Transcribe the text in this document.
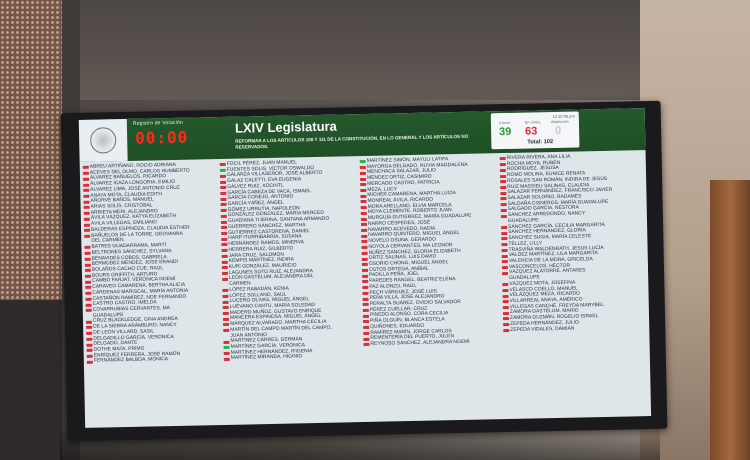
Registro de Votación
00:00
LXIV Legislatura
REFORMAS A LOS ARTÍCULOS 108 Y 111 DE LA CONSTITUCIÓN, EN LO GENERAL Y LOS ARTÍCULOS NO RESERVADOS.
12:40:06 pm
A favor	En contra	Abstención
39 63 0
Total: 102
ABREU ARTIÑANO, ROCIO ADRIANA
ACEVES DEL OLMO, CARLOS HUMBERTO
ÁLVAREZ BAÑUELOS, RICARDO
ÁLVAREZ ICAZA LONGORIA, EMILIO
ÁLVAREZ LIMA, JOSÉ ANTONIO CRUZ
ANAYA MOTA, CLAUDIA EDITH
AÑORVE BAÑOS, MANUEL
ARIAS SOLÍS, CRISTÓBAL
ARRIETA MERI, ALEJANDRO
ÁVILA VÁZQUEZ, KATYA ELIZABETH
ÁVILA VILLEGAS, EMILIANO
BALDERAS ESPINOZA, CLAUDIA ESTHER
BAÑUELOS DE LA TORRE, GEOVANNA
DEL CARMEN
BATRES GUADARRAMA, MARTÍ
BELTRONES SÁNCHEZ, SYLVANA
BENAVIDES COBOS, GABRIELA
BERMÚDEZ MÉNDEZ, JOSÉ ERANDI
BOLAÑOS CACHO CUE, RAÚL
BOURS GRIFFITH, ARTURO
CAMBO FARJAT, VERÓNICA NOEMÍ
CARAVEO CAMARENA, BERTHA ALICIA
CÁRDENAS MARISCAL, MARÍA ANTONIA
CASTAÑÓN RAMÍREZ, NOÉ FERNANDO
CASTRO CASTRO, IMELDA
COVARRUBIAS CERVANTES, MA
GUADALUPE
CRUZ BLACKLEDGE, GINA ANDREA
DE LA SIERRA ARÁMBURO, NANCY
DE LEÓN VILLARD, SASIL
DELGADILLO GARCÍA, VERÓNICA
DELGADO, DANTE
DOTHE MATA, PRIMO
ENRÍQUEZ FERRERA, JOSÉ RAMÓN
FERNÁNDEZ BALBOA, MÓNICA
FOCIL PÉREZ, JUAN MANUEL
FUENTES SOLIS, VÍCTOR OSWALDO
GALARZA VILLASEÑOR, JOSÉ ALBERTO
GALAZ CALETTI, EVA EUGENIA
GÁLVEZ RUIZ, XÓCHITL
GARCÍA CABEZA DE VACA, ISMAEL
GARCÍA CONEJO, ANTONIO
GARCÍA YÁÑEZ, ÁNGEL
GÓMEZ URRUTIA, NAPOLEÓN
GONZÁLEZ GONZÁLEZ, MARÍA MERCED
GUADIANA TIJERINA, SANTANA ARMANDO
GUERRERO SÁNCHEZ, MARTHA
GUTIÉRREZ CASTORENA, DANIEL
HARP ITURRIBARRÍA, SUSANA
HERNÁNDEZ RAMOS, MINERVA
HERRERA RUIZ, GILBERTO
JARA CRUZ, SALOMÓN
KEMPIS MARTÍNEZ, INDIRA
KURI GONZÁLEZ, MAURICIO
LAGUNES SOTO RUIZ, ALEJANDRA
LEÓN GASTÉLUM, ALEJANDRA DEL
CARMEN
LÓPEZ RABADÁN, KENIA
LÓPEZ SOLLANO, SAÚL
LUCERO OLIVAS, MIGUEL ÁNGEL
LUÉVANO CANTÚ, MARÍA SOLEDAD
MADERO MUÑOZ, GUSTAVO ENRIQUE
MANCERA ESPINOSA, MIGUEL ÁNGEL
MÁRQUEZ ALVARADO, MARTHA CECILIA
MARTÍN DEL CAMPO MARTÍN DEL CAMPO,
JUAN ANTONIO
MARTÍNEZ CÁRRES, GERMÁN
MARTÍNEZ GARCÍA, VERÓNICA
MARTÍNEZ HERNÁNDEZ, IFIGENIA
MARTÍNEZ MIRANDA, HIGINIO
MARTÍNEZ SIMÓN, MAYULI LATIFA
MAYORGA DELGADO, NUVIA MAGDALENA
MENCHACA SALAZAR, JULIO
MÉNDEZ ORTIZ, CASIMIRO
MERCADO CASTRO, PATRICIA
MEZA, LUCY
MICHER CAMARENA, MARTHA LUCÍA
MONREAL ÁVILA, RICARDO
MORA ARELLANO, ELVIA MARCELA
MOYA CLEMENTE, ROBERTO JUAN
MURGUÍA GUTIÉRREZ, MARÍA GUADALUPE
NARRO CÉSPEDES, JOSÉ
NAVARRO ACEVEDO, NADIA
NAVARRO QUINTERO, MIGUEL ÁNGEL
NOVELO OSUNA, GERARDO
NOYOLA CERVANTES, MA LEONOR
NÚÑEZ SÁNCHEZ, GLORIA ELIZABETH
ORTIZ SALINAS, LUIS DAVID
OSORIO CHONG, MIGUEL ÁNGEL
OSTOS ORTEGA, ANÍBAL
PADILLA PEÑA, JOEL
PAREDES RANGEL, BEATRIZ ELENA
PAZ ALONZO, RAÚL
PECH VÁRGUEZ, JOSÉ LUIS
PEÑA VILLA, JOSÉ ALEJANDRO
PERALTA SUÁREZ, OVIDIO SALVADOR
PÉREZ CUÉLLAR, CRUZ
PINEDO ALONSO, CORA CECILIA
PIÑA OLGUÍN, BLANCA ESTELA
QUIÑONES, EDUARDO
RAMÍREZ MARÍN, JORGE CARLOS
REMENTERÍA DEL PUERTO, JULEN
REYNOSO SÁNCHEZ, ALEJANDRA NOEMÍ
RIVERA RIVERA, ANA LILIA
ROCHA MOYA, RUBÉN
RODRÍGUEZ, JESUSA
ROMO MOLINA, EUNICE RENATA
ROSALES SAN ROMÁN, INDIRA DE JESÚS
RUIZ MASSIEU SALINAS, CLAUDIA
SALAZAR FERNÁNDEZ, FRANCISCO JAVIER
SALAZAR SOLORIO, RADAMÉS
SALDAÑA CISNEROS, MARÍA GUADALUPE
SALGADO GARCÍA, NÉSTORA
SÁNCHEZ ARREDONDO, NANCY
GUADALUPE
SÁNCHEZ GARCÍA, CECILIA MARGARITA
SÁNCHEZ HERNÁNDEZ, GLORIA
SÁNCHEZ SUGIA, MARÍA CELESTE
TÉLLEZ, LILLY
TRASVIÑA WALDENRATH, JESÚS LUCÍA
VALDEZ MARTÍNEZ, LILA MARGARITA
VALENCIA DE LA MORA, GRICELDA
VASCONCELOS, HÉCTOR
VÁZQUEZ ALATORRE, ANTARES
GUADALUPE
VÁZQUEZ MOTA, JOSEFINA
VELASCO COELLO, MANUEL
VELÁZQUEZ MEZA, RICARDO
VILLARREAL ANAYA, AMÉRICO
VILLEGAS CANCHÉ, FREYDA MARYBEL
ZAMORA GASTÉLUM, MARIO
ZAMORA GUZMÁN, ROGELIO ISRAEL
ZEPEDA HERNÁNDEZ, JULIO
ZEPEDA VIDALES, DAMIÁN
